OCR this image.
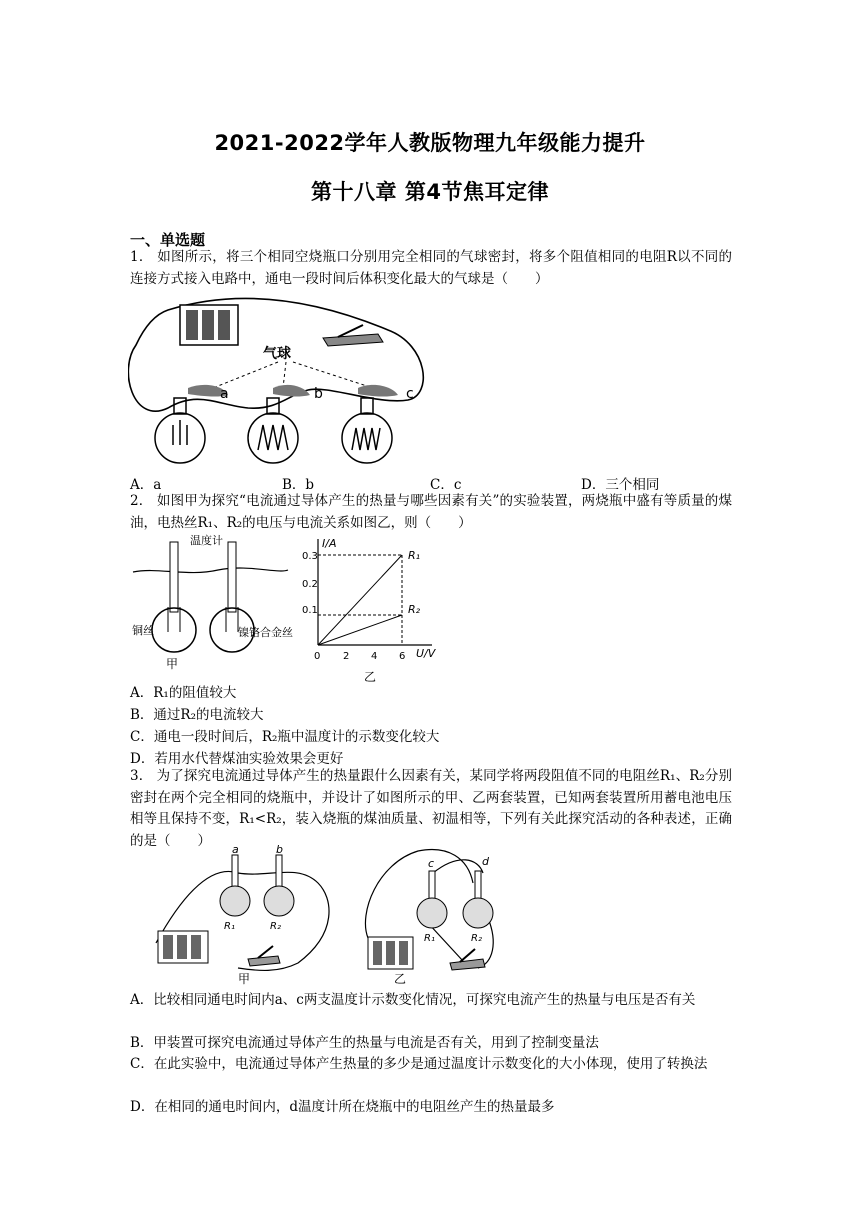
2021-2022学年人教版物理九年级能力提升
第十八章 第4节焦耳定律
一、单选题
1． 如图所示，将三个相同空烧瓶口分别用完全相同的气球密封，将多个阻值相同的电阻R以不同的连接方式接入电路中，通电一段时间后体积变化最大的气球是（　　）
气球
a	b	c
A．a	B．b	C．c	D．三个相同
2． 如图甲为探究“电流通过导体产生的热量与哪些因素有关”的实验装置，两烧瓶中盛有等质量的煤油，电热丝R₁、R₂的电压与电流关系如图乙，则（　　）
温度计
铜丝	镍铬合金丝
甲
I/A
U/V
0.3
0.2
0.1
0 2 4 6
R₁
R₂
乙
A．R₁的阻值较大
B．通过R₂的电流较大
C．通电一段时间后，R₂瓶中温度计的示数变化较大
D．若用水代替煤油实验效果会更好
3． 为了探究电流通过导体产生的热量跟什么因素有关，某同学将两段阻值不同的电阻丝R₁、R₂分别密封在两个完全相同的烧瓶中，并设计了如图所示的甲、乙两套装置，已知两套装置所用蓄电池电压相等且保持不变，R₁<R₂，装入烧瓶的煤油质量、初温相等，下列有关此探究活动的各种表述，正确的是（　　）
a	b
R₁	R₂
甲
c	d
R₁	R₂
乙
A．比较相同通电时间内a、c两支温度计示数变化情况，可探究电流产生的热量与电压是否有关
B．甲装置可探究电流通过导体产生的热量与电流是否有关，用到了控制变量法
C．在此实验中，电流通过导体产生热量的多少是通过温度计示数变化的大小体现，使用了转换法
D．在相同的通电时间内，d温度计所在烧瓶中的电阻丝产生的热量最多
